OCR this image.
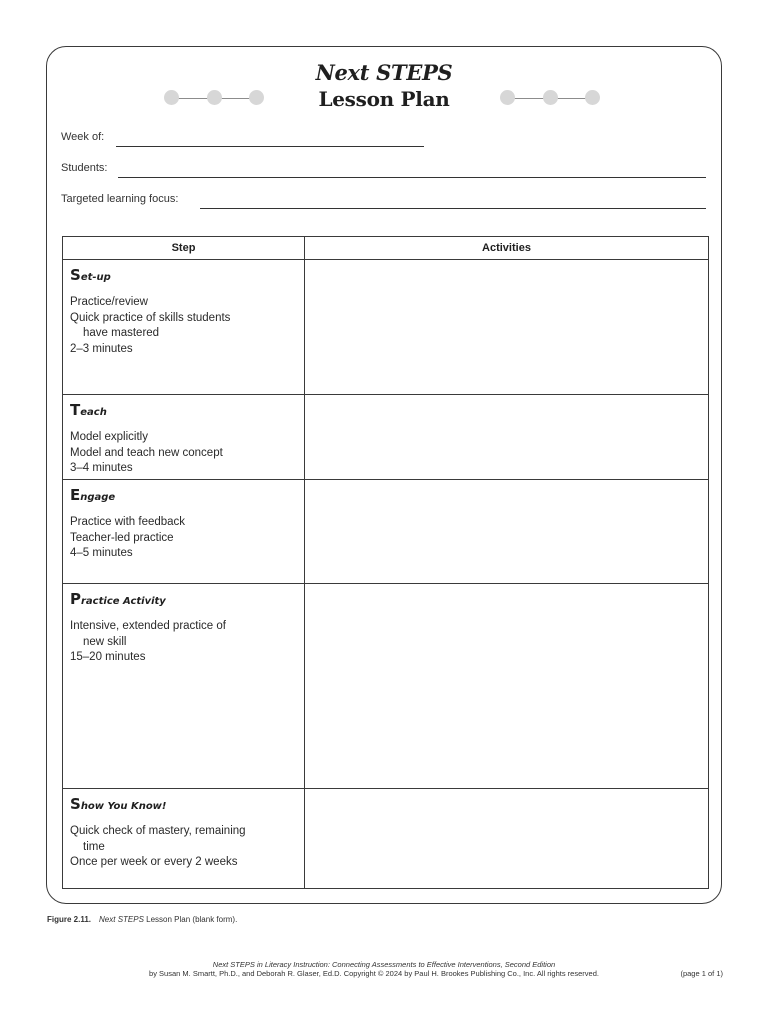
Next STEPS
Lesson Plan
Week of:
Students:
Targeted learning focus:
Step	Activities

Set-up
Practice/review
Quick practice of skills students
have mastered
2–3 minutes	

Teach
Model explicitly
Model and teach new concept
3–4 minutes	

Engage
Practice with feedback
Teacher-led practice
4–5 minutes	

Practice Activity
Intensive, extended practice of
new skill
15–20 minutes	

Show You Know!
Quick check of mastery, remaining
time
Once per week or every 2 weeks	

Figure 2.11. Next STEPS Lesson Plan (blank form).
Next STEPS in Literacy Instruction: Connecting Assessments to Effective Interventions, Second Edition
by Susan M. Smartt, Ph.D., and Deborah R. Glaser, Ed.D. Copyright © 2024 by Paul H. Brookes Publishing Co., Inc. All rights reserved.	(page 1 of 1)
